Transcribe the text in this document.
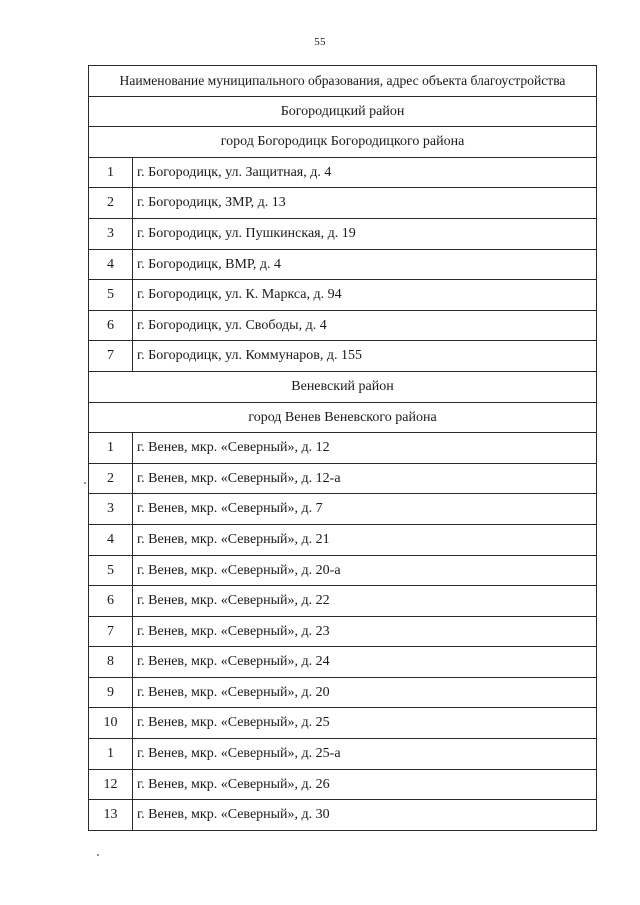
55
Наименование муниципального образования, адрес объекта благоустройства	
Богородицкий район	
город Богородицк Богородицкого района	
1	г. Богородицк, ул. Защитная, д. 4
2	г. Богородицк, ЗМР, д. 13
3	г. Богородицк, ул. Пушкинская, д. 19
4	г. Богородицк, ВМР, д. 4
5	г. Богородицк, ул. К. Маркса, д. 94
6	г. Богородицк, ул. Свободы, д. 4
7	г. Богородицк, ул. Коммунаров, д. 155
Веневский район	
город Венев Веневского района	
1	г. Венев, мкр. «Северный», д. 12
2	г. Венев, мкр. «Северный», д. 12-а
3	г. Венев, мкр. «Северный», д. 7
4	г. Венев, мкр. «Северный», д. 21
5	г. Венев, мкр. «Северный», д. 20-а
6	г. Венев, мкр. «Северный», д. 22
7	г. Венев, мкр. «Северный», д. 23
8	г. Венев, мкр. «Северный», д. 24
9	г. Венев, мкр. «Северный», д. 20
10	г. Венев, мкр. «Северный», д. 25
1	г. Венев, мкр. «Северный», д. 25-а
12	г. Венев, мкр. «Северный», д. 26
13	г. Венев, мкр. «Северный», д. 30
